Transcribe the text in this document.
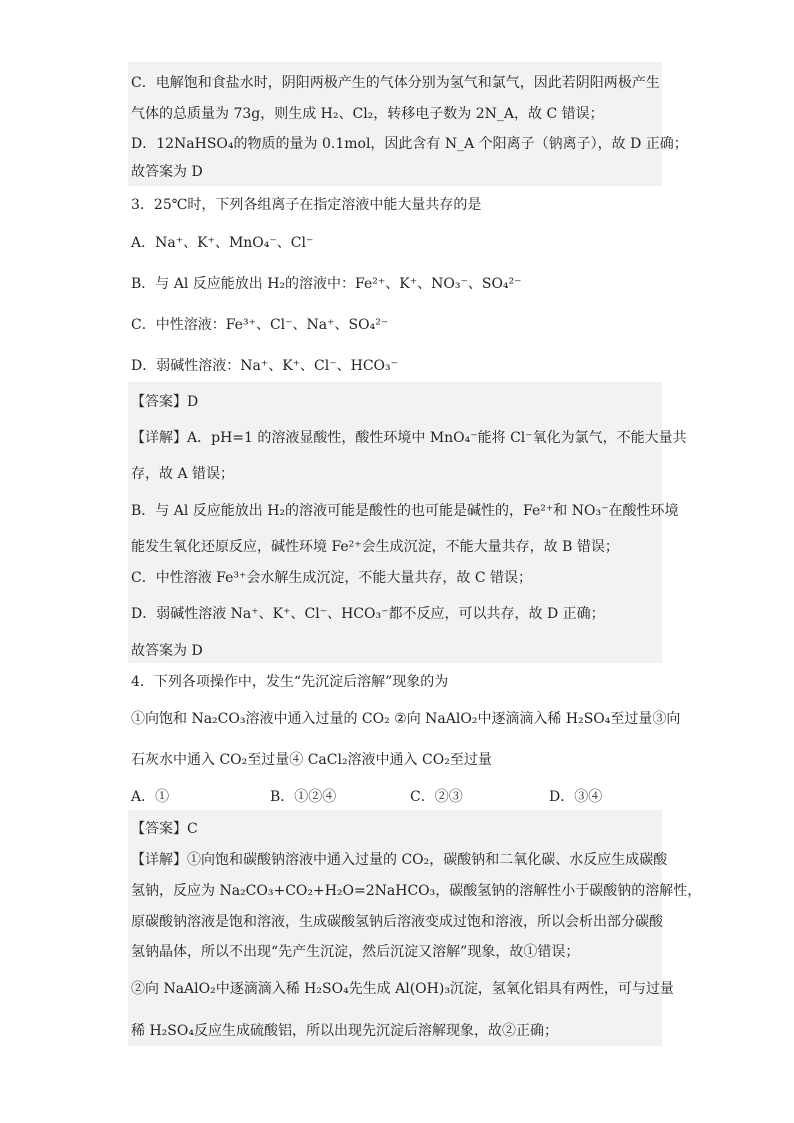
C．电解饱和食盐水时，阴阳两极产生的气体分别为氢气和氯气，因此若阴阳两极产生
气体的总质量为 73g，则生成 H₂、Cl₂，转移电子数为 2N_A，故 C 错误；
D．12NaHSO₄的物质的量为 0.1mol，因此含有 N_A 个阳离子（钠离子），故 D 正确；
故答案为 D
3．25℃时，下列各组离子在指定溶液中能大量共存的是
A．Na⁺、K⁺、MnO₄⁻、Cl⁻
B．与 Al 反应能放出 H₂的溶液中：Fe²⁺、K⁺、NO₃⁻、SO₄²⁻
C．中性溶液：Fe³⁺、Cl⁻、Na⁺、SO₄²⁻
D．弱碱性溶液：Na⁺、K⁺、Cl⁻、HCO₃⁻
【答案】D
【详解】A．pH=1 的溶液显酸性，酸性环境中 MnO₄⁻能将 Cl⁻氧化为氯气，不能大量共
存，故 A 错误；
B．与 Al 反应能放出 H₂的溶液可能是酸性的也可能是碱性的，Fe²⁺和 NO₃⁻在酸性环境
能发生氧化还原反应，碱性环境 Fe²⁺会生成沉淀，不能大量共存，故 B 错误；
C．中性溶液 Fe³⁺会水解生成沉淀，不能大量共存，故 C 错误；
D．弱碱性溶液 Na⁺、K⁺、Cl⁻、HCO₃⁻都不反应，可以共存，故 D 正确；
故答案为 D
4．下列各项操作中，发生“先沉淀后溶解”现象的为
①向饱和 Na₂CO₃溶液中通入过量的 CO₂ ②向 NaAlO₂中逐滴滴入稀 H₂SO₄至过量③向
石灰水中通入 CO₂至过量④ CaCl₂溶液中通入 CO₂至过量
A．①	B．①②④	C．②③	D．③④
【答案】C
【详解】①向饱和碳酸钠溶液中通入过量的 CO₂，碳酸钠和二氧化碳、水反应生成碳酸
氢钠，反应为 Na₂CO₃+CO₂+H₂O=2NaHCO₃，碳酸氢钠的溶解性小于碳酸钠的溶解性，
原碳酸钠溶液是饱和溶液，生成碳酸氢钠后溶液变成过饱和溶液，所以会析出部分碳酸
氢钠晶体，所以不出现“先产生沉淀，然后沉淀又溶解”现象，故①错误；
②向 NaAlO₂中逐滴滴入稀 H₂SO₄先生成 Al(OH)₃沉淀，氢氧化铝具有两性，可与过量
稀 H₂SO₄反应生成硫酸铝，所以出现先沉淀后溶解现象，故②正确；
